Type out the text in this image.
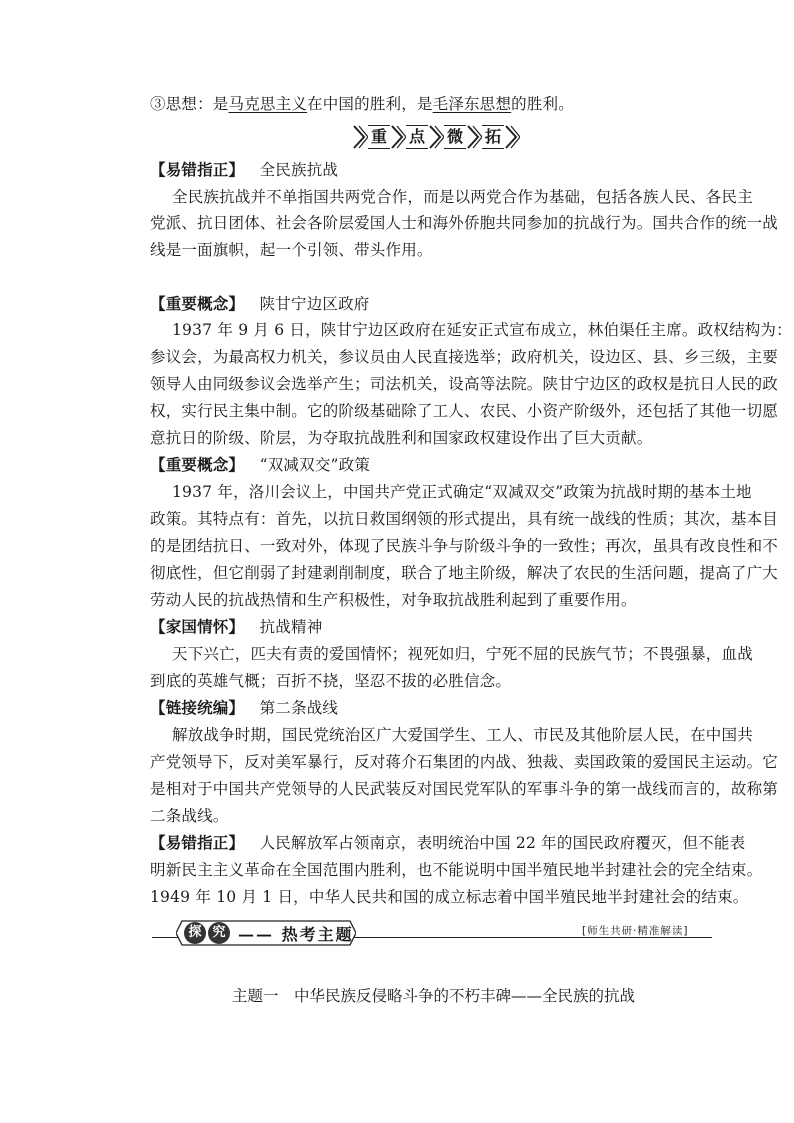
③思想：是马克思主义在中国的胜利，是毛泽东思想的胜利。
重 点 微 拓
【易错指正】 全民族抗战
全民族抗战并不单指国共两党合作，而是以两党合作为基础，包括各族人民、各民主
党派、抗日团体、社会各阶层爱国人士和海外侨胞共同参加的抗战行为。国共合作的统一战
线是一面旗帜，起一个引领、带头作用。
【重要概念】 陕甘宁边区政府
1937 年 9 月 6 日，陕甘宁边区政府在延安正式宣布成立，林伯渠任主席。政权结构为：
参议会，为最高权力机关，参议员由人民直接选举；政府机关，设边区、县、乡三级，主要
领导人由同级参议会选举产生；司法机关，设高等法院。陕甘宁边区的政权是抗日人民的政
权，实行民主集中制。它的阶级基础除了工人、农民、小资产阶级外，还包括了其他一切愿
意抗日的阶级、阶层，为夺取抗战胜利和国家政权建设作出了巨大贡献。
【重要概念】 “双减双交”政策
1937 年，洛川会议上，中国共产党正式确定“双减双交”政策为抗战时期的基本土地
政策。其特点有：首先，以抗日救国纲领的形式提出，具有统一战线的性质；其次，基本目
的是团结抗日、一致对外，体现了民族斗争与阶级斗争的一致性；再次，虽具有改良性和不
彻底性，但它削弱了封建剥削制度，联合了地主阶级，解决了农民的生活问题，提高了广大
劳动人民的抗战热情和生产积极性，对争取抗战胜利起到了重要作用。
【家国情怀】 抗战精神
天下兴亡，匹夫有责的爱国情怀；视死如归，宁死不屈的民族气节；不畏强暴，血战
到底的英雄气概；百折不挠，坚忍不拔的必胜信念。
【链接统编】 第二条战线
解放战争时期，国民党统治区广大爱国学生、工人、市民及其他阶层人民，在中国共
产党领导下，反对美军暴行，反对蒋介石集团的内战、独裁、卖国政策的爱国民主运动。它
是相对于中国共产党领导的人民武装反对国民党军队的军事斗争的第一战线而言的，故称第
二条战线。
【易错指正】 人民解放军占领南京，表明统治中国 22 年的国民政府覆灭，但不能表
明新民主主义革命在全国范围内胜利，也不能说明中国半殖民地半封建社会的完全结束。
1949 年 10 月 1 日，中华人民共和国的成立标志着中国半殖民地半封建社会的结束。
探 究 —— 热考主题	[师生共研·精准解读]
主题一　中华民族反侵略斗争的不朽丰碑——全民族的抗战
